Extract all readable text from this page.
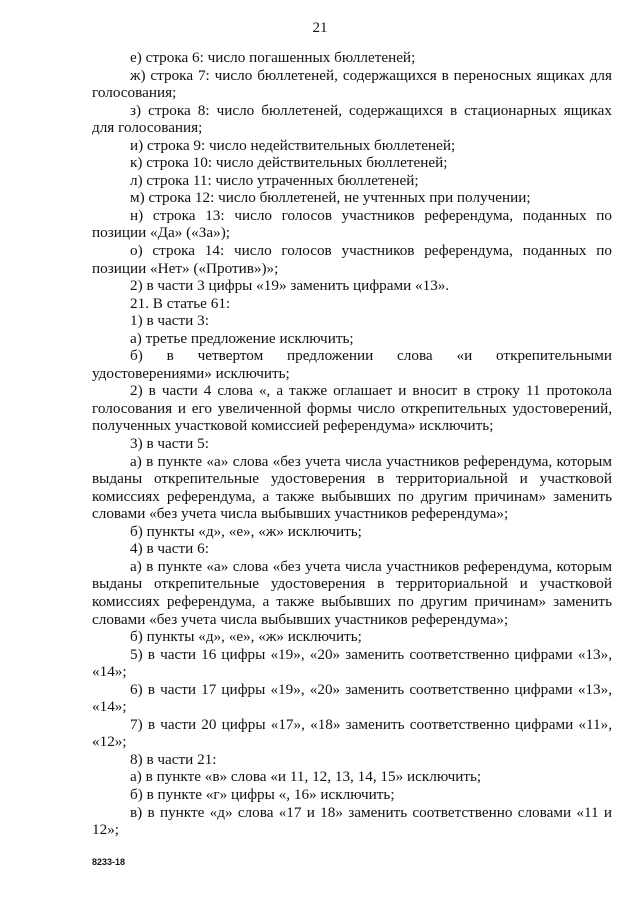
21

е) строка 6: число погашенных бюллетеней;

ж) строка 7: число бюллетеней, содержащихся в переносных ящиках для голосования;

з) строка 8: число бюллетеней, содержащихся в стационарных ящиках для голосования;

и) строка 9: число недействительных бюллетеней;

к) строка 10: число действительных бюллетеней;

л) строка 11: число утраченных бюллетеней;

м) строка 12: число бюллетеней, не учтенных при получении;

н) строка 13: число голосов участников референдума, поданных по позиции «Да» («За»);

о) строка 14: число голосов участников референдума, поданных по позиции «Нет» («Против»)»;

2) в части 3 цифры «19» заменить цифрами «13».

21. В статье 61:

1) в части 3:

а) третье предложение исключить;

б) в четвертом предложении слова «и открепительными удостоверениями» исключить;

2) в части 4 слова «, а также оглашает и вносит в строку 11 протокола голосования и его увеличенной формы число открепительных удостоверений, полученных участковой комиссией референдума» исключить;

3) в части 5:

а) в пункте «а» слова «без учета числа участников референдума, которым выданы открепительные удостоверения в территориальной и участковой комиссиях референдума, а также выбывших по другим причинам» заменить словами «без учета числа выбывших участников референдума»;

б) пункты «д», «е», «ж» исключить;

4) в части 6:

а) в пункте «а» слова «без учета числа участников референдума, которым выданы открепительные удостоверения в территориальной и участковой комиссиях референдума, а также выбывших по другим причинам» заменить словами «без учета числа выбывших участников референдума»;

б) пункты «д», «е», «ж» исключить;

5) в части 16 цифры «19», «20» заменить соответственно цифрами «13», «14»;

6) в части 17 цифры «19», «20» заменить соответственно цифрами «13», «14»;

7) в части 20 цифры «17», «18» заменить соответственно цифрами «11», «12»;

8) в части 21:

а) в пункте «в» слова «и 11, 12, 13, 14, 15» исключить;

б) в пункте «г» цифры «, 16» исключить;

в) в пункте «д» слова «17 и 18» заменить соответственно словами «11 и 12»;

8233-18
